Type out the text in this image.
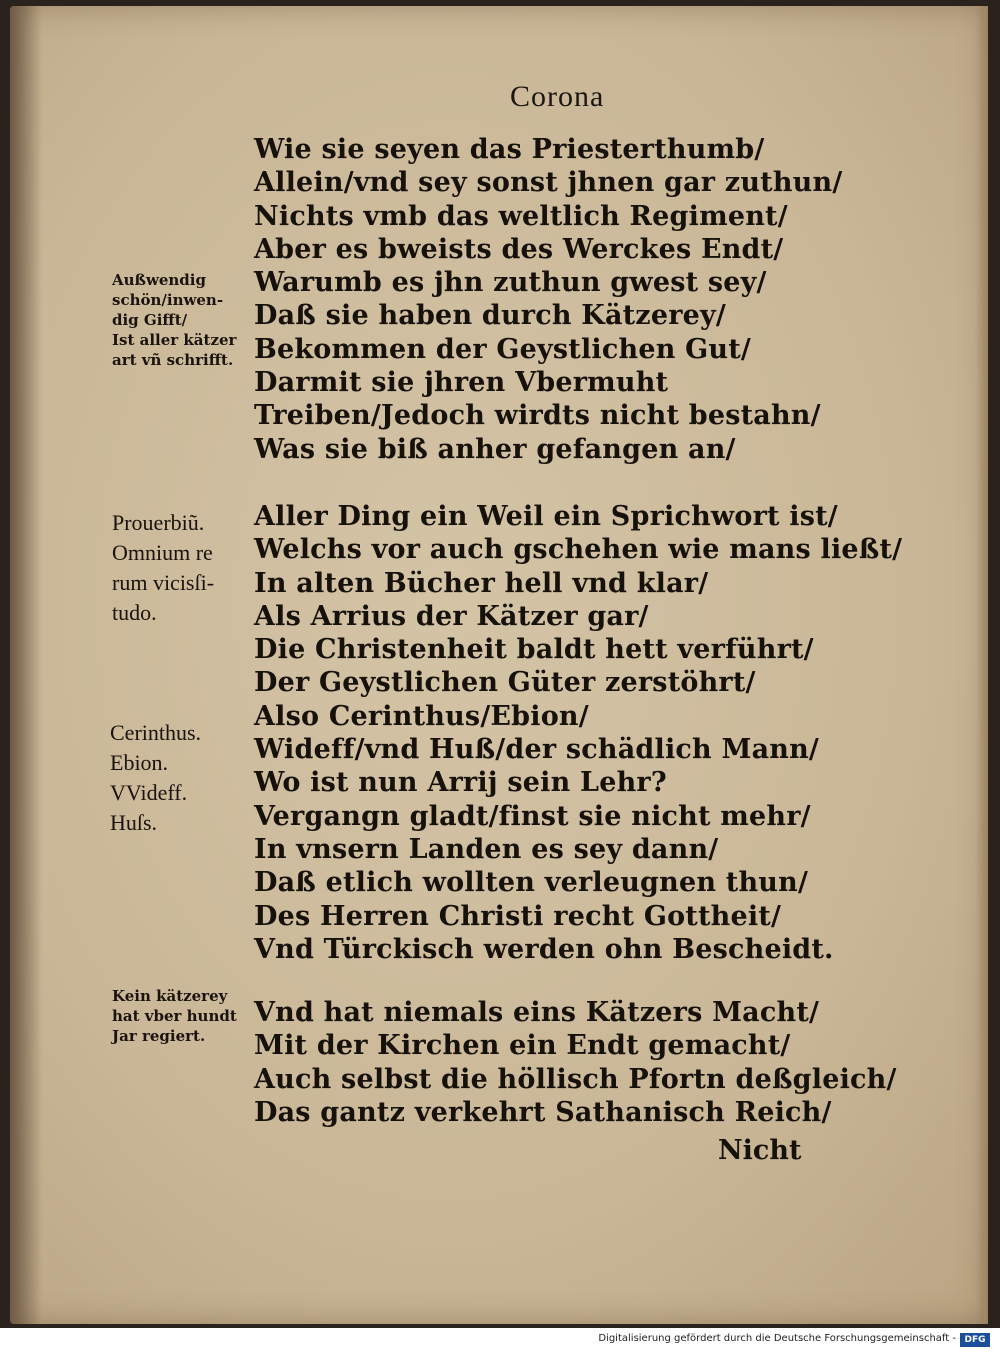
Corona
Außwendig
schön/inwen-
dig Gifft/
Ist aller kätzer
art vñ schrifft.
Wie sie seyen das Priesterthumb/
Allein/vnd sey sonst jhnen gar zuthun/
Nichts vmb das weltlich Regiment/
Aber es bweists des Werckes Endt/
Warumb es jhn zuthun gwest sey/
Daß sie haben durch Kätzerey/
Bekommen der Geystlichen Gut/
Darmit sie jhren Vbermuht
Treiben/Jedoch wirdts nicht bestahn/
Was sie biß anher gefangen an/
Prouerbiũ.
Omnium re
rum vicisſi-
tudo.
Aller Ding ein Weil ein Sprichwort ist/
Welchs vor auch gschehen wie mans ließt/
In alten Bücher hell vnd klar/
Als Arrius der Kätzer gar/
Die Christenheit baldt hett verführt/
Der Geystlichen Güter zerstöhrt/
Also Cerinthus/Ebion/
Wideff/vnd Huß/der schädlich Mann/
Wo ist nun Arrij sein Lehr?
Vergangn gladt/finst sie nicht mehr/
In vnsern Landen es sey dann/
Daß etlich wollten verleugnen thun/
Des Herren Christi recht Gottheit/
Vnd Türckisch werden ohn Bescheidt.
Cerinthus.
Ebion.
VVideff.
Huſs.
Kein kätzerey
hat vber hundt
Jar regiert.
Vnd hat niemals eins Kätzers Macht/
Mit der Kirchen ein Endt gemacht/
Auch selbst die höllisch Pfortn deßgleich/
Das gantz verkehrt Sathanisch Reich/
Nicht
Digitalisierung gefördert durch die Deutsche Forschungsgemeinschaft - DFG
